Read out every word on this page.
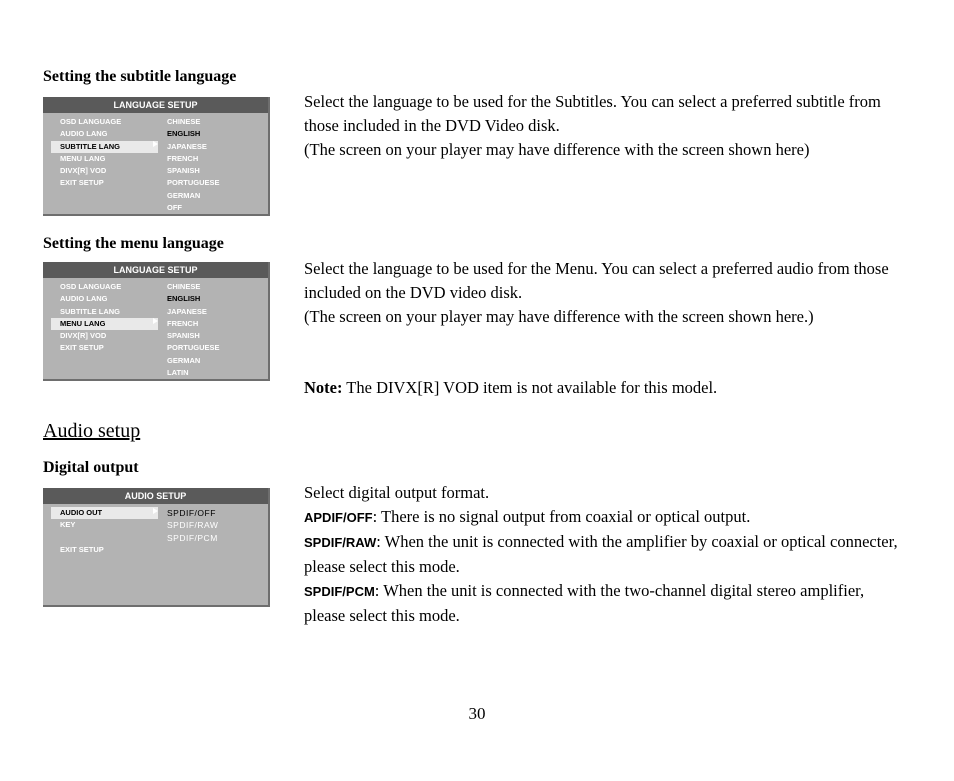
Setting the subtitle language
LANGUAGE SETUP
OSD LANGUAGE
AUDIO LANG
SUBTITLE LANG
MENU LANG
DIVX[R] VOD
EXIT SETUP
CHINESE
ENGLISH
JAPANESE
FRENCH
SPANISH
PORTUGUESE
GERMAN
OFF

Select the language to be used for the Subtitles. You can select a preferred subtitle from those included in the DVD Video disk.

(The screen on your player may have difference with the screen shown here)

Setting the menu language
LANGUAGE SETUP
OSD LANGUAGE
AUDIO LANG
SUBTITLE LANG
MENU LANG
DIVX[R] VOD
EXIT SETUP
CHINESE
ENGLISH
JAPANESE
FRENCH
SPANISH
PORTUGUESE
GERMAN
LATIN

Select the language to be used for the Menu. You can select a preferred audio from those included on the DVD video disk.

(The screen on your player may have difference with the screen shown here.)

Note: The DIVX[R] VOD item is not available for this model.

Audio setup
Digital output
AUDIO SETUP
AUDIO OUT
KEY
EXIT SETUP
SPDIF/OFF
SPDIF/RAW
SPDIF/PCM

Select digital output format.

APDIF/OFF: There is no signal output from coaxial or optical output.

SPDIF/RAW: When the unit is connected with the amplifier by coaxial or optical connecter, please select this mode.

SPDIF/PCM: When the unit is connected with the two-channel digital stereo amplifier, please select this mode.

30
